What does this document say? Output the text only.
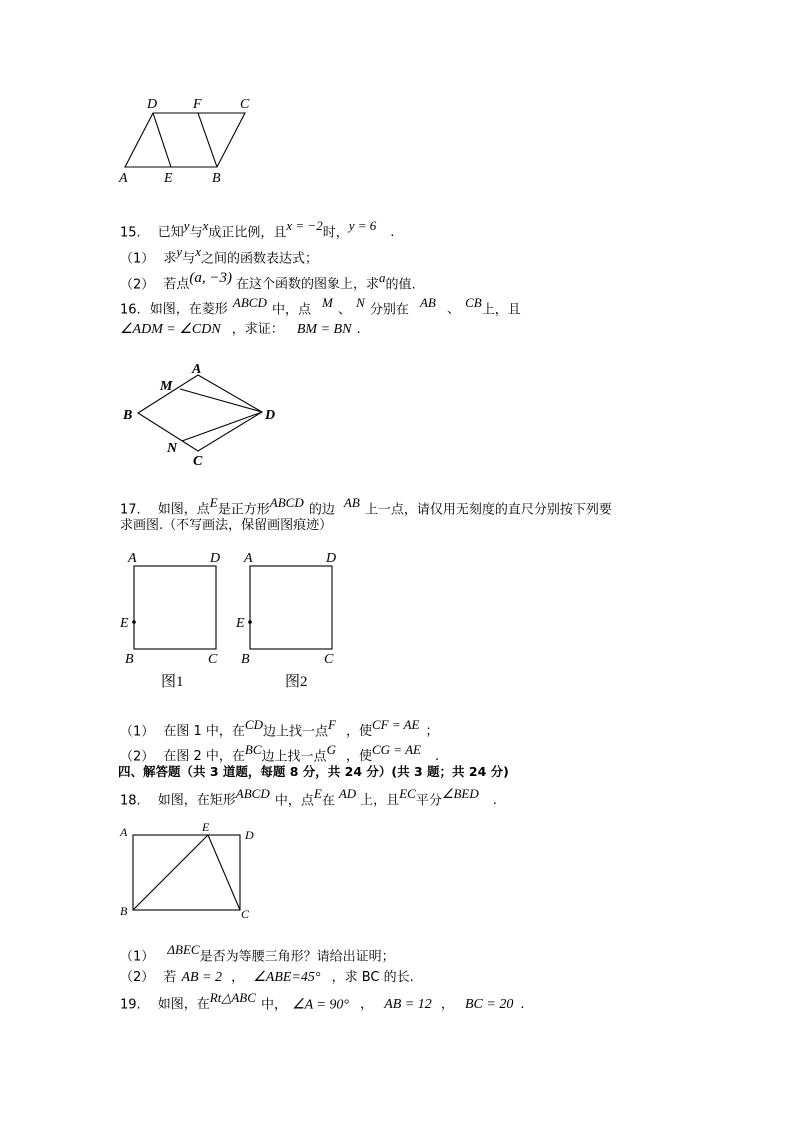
D	F	C
A	E	B
15. 已知$^y$与$^x$成正比例，且$^{x = -2}$时，$^{y = 6}$ .
（1） 求$^y$与$^x$之间的函数表达式；
（2） 若点$^{(a, -3)}$ 在这个函数的图象上，求$^a$的值.
16. 如图，在菱形 $^{ABCD}$ 中，点 $^M$ 、 $^N$ 分别在 $^{AB}$ 、 $^{CB}$上，且
∠ADM = ∠CDN ，求证： BM = BN .
A
M
B	D
N
C
17. 如图，点$^E$是正方形$^{ABCD}$ 的边 $^{AB}$ 上一点，请仅用无刻度的直尺分别按下列要
求画图.（不写画法，保留画图痕迹）
A	D
E
B	C
A	D
E
B	C
图1	图2
（1） 在图 1 中，在$^{CD}$边上找一点$^F$ ，使$^{CF = AE}$ ；
（2） 在图 2 中，在$^{BC}$边上找一点$^G$ ，使$^{CG = AE}$ .
四、解答题（共 3 道题，每题 8 分，共 24 分）(共 3 题；共 24 分)
18. 如图，在矩形$^{ABCD}$ 中，点$^E$在 $^{AD}$ 上，且$^{EC}$平分$^{\angle BED}$ .
A	E
D
B	C
（1） $^{\Delta BEC}$是否为等腰三角形？请给出证明；
（2） 若 AB = 2 ， ∠ABE=45° ，求 BC 的长.
19. 如图，在$^{Rt\triangle ABC}$ 中， ∠A = 90° ， AB = 12 ， BC = 20 .
